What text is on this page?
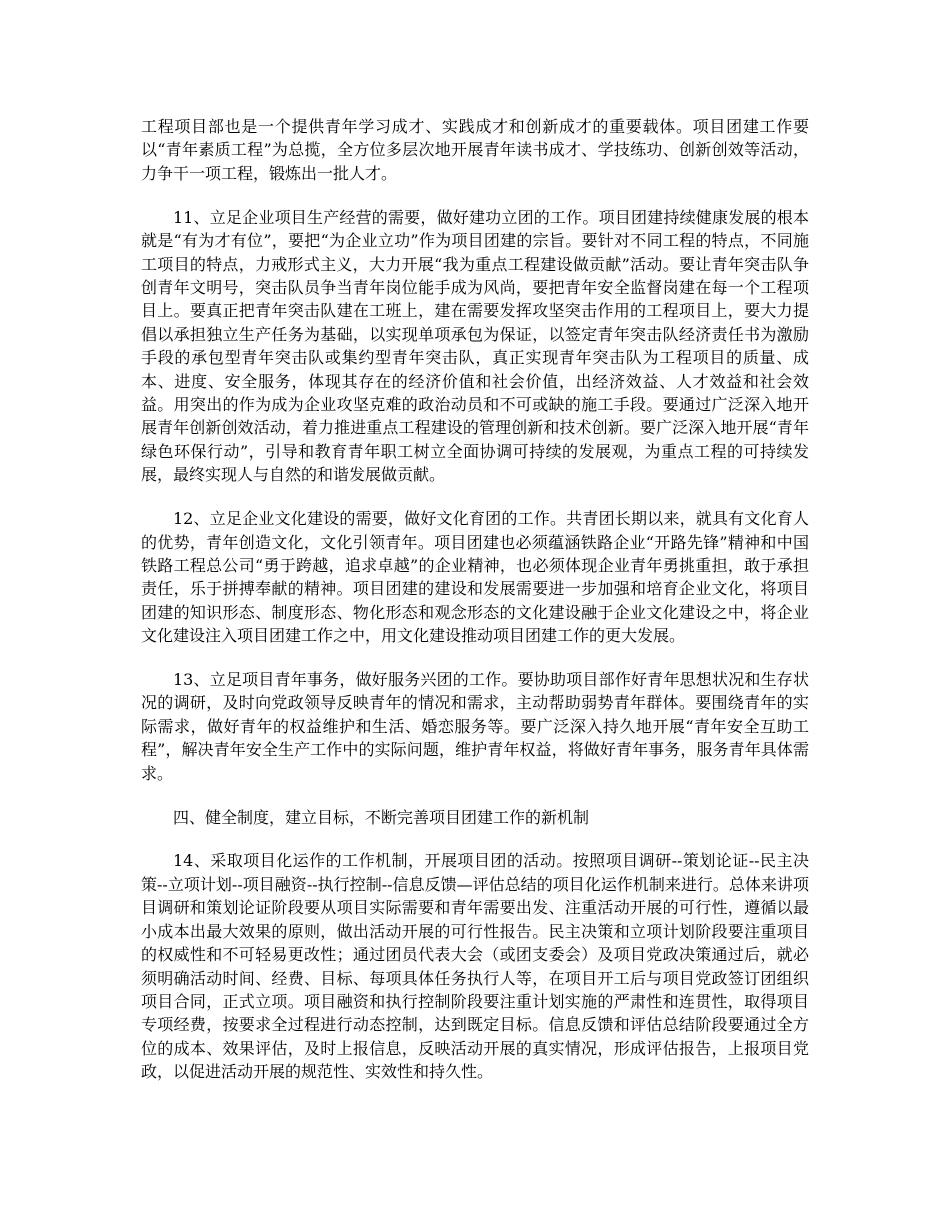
工程项目部也是一个提供青年学习成才、实践成才和创新成才的重要载体。项目团建工作要以“青年素质工程”为总揽，全方位多层次地开展青年读书成才、学技练功、创新创效等活动，力争干一项工程，锻炼出一批人才。

11、立足企业项目生产经营的需要，做好建功立团的工作。项目团建持续健康发展的根本就是“有为才有位”，要把“为企业立功”作为项目团建的宗旨。要针对不同工程的特点，不同施工项目的特点，力戒形式主义，大力开展“我为重点工程建设做贡献”活动。要让青年突击队争创青年文明号，突击队员争当青年岗位能手成为风尚，要把青年安全监督岗建在每一个工程项目上。要真正把青年突击队建在工班上，建在需要发挥攻坚突击作用的工程项目上，要大力提倡以承担独立生产任务为基础，以实现单项承包为保证，以签定青年突击队经济责任书为激励手段的承包型青年突击队或集约型青年突击队，真正实现青年突击队为工程项目的质量、成本、进度、安全服务，体现其存在的经济价值和社会价值，出经济效益、人才效益和社会效益。用突出的作为成为企业攻坚克难的政治动员和不可或缺的施工手段。要通过广泛深入地开展青年创新创效活动，着力推进重点工程建设的管理创新和技术创新。要广泛深入地开展“青年绿色环保行动”，引导和教育青年职工树立全面协调可持续的发展观，为重点工程的可持续发展，最终实现人与自然的和谐发展做贡献。

12、立足企业文化建设的需要，做好文化育团的工作。共青团长期以来，就具有文化育人的优势，青年创造文化，文化引领青年。项目团建也必须蕴涵铁路企业“开路先锋”精神和中国铁路工程总公司“勇于跨越，追求卓越”的企业精神，也必须体现企业青年勇挑重担，敢于承担责任，乐于拼搏奉献的精神。项目团建的建设和发展需要进一步加强和培育企业文化，将项目团建的知识形态、制度形态、物化形态和观念形态的文化建设融于企业文化建设之中，将企业文化建设注入项目团建工作之中，用文化建设推动项目团建工作的更大发展。

13、立足项目青年事务，做好服务兴团的工作。要协助项目部作好青年思想状况和生存状况的调研，及时向党政领导反映青年的情况和需求，主动帮助弱势青年群体。要围绕青年的实际需求，做好青年的权益维护和生活、婚恋服务等。要广泛深入持久地开展“青年安全互助工程”，解决青年安全生产工作中的实际问题，维护青年权益，将做好青年事务，服务青年具体需求。

四、健全制度，建立目标，不断完善项目团建工作的新机制

14、采取项目化运作的工作机制，开展项目团的活动。按照项目调研--策划论证--民主决策--立项计划--项目融资--执行控制--信息反馈—评估总结的项目化运作机制来进行。总体来讲项目调研和策划论证阶段要从项目实际需要和青年需要出发、注重活动开展的可行性，遵循以最小成本出最大效果的原则，做出活动开展的可行性报告。民主决策和立项计划阶段要注重项目的权威性和不可轻易更改性；通过团员代表大会（或团支委会）及项目党政决策通过后，就必须明确活动时间、经费、目标、每项具体任务执行人等，在项目开工后与项目党政签订团组织项目合同，正式立项。项目融资和执行控制阶段要注重计划实施的严肃性和连贯性，取得项目专项经费，按要求全过程进行动态控制，达到既定目标。信息反馈和评估总结阶段要通过全方位的成本、效果评估，及时上报信息，反映活动开展的真实情况，形成评估报告，上报项目党政，以促进活动开展的规范性、实效性和持久性。
